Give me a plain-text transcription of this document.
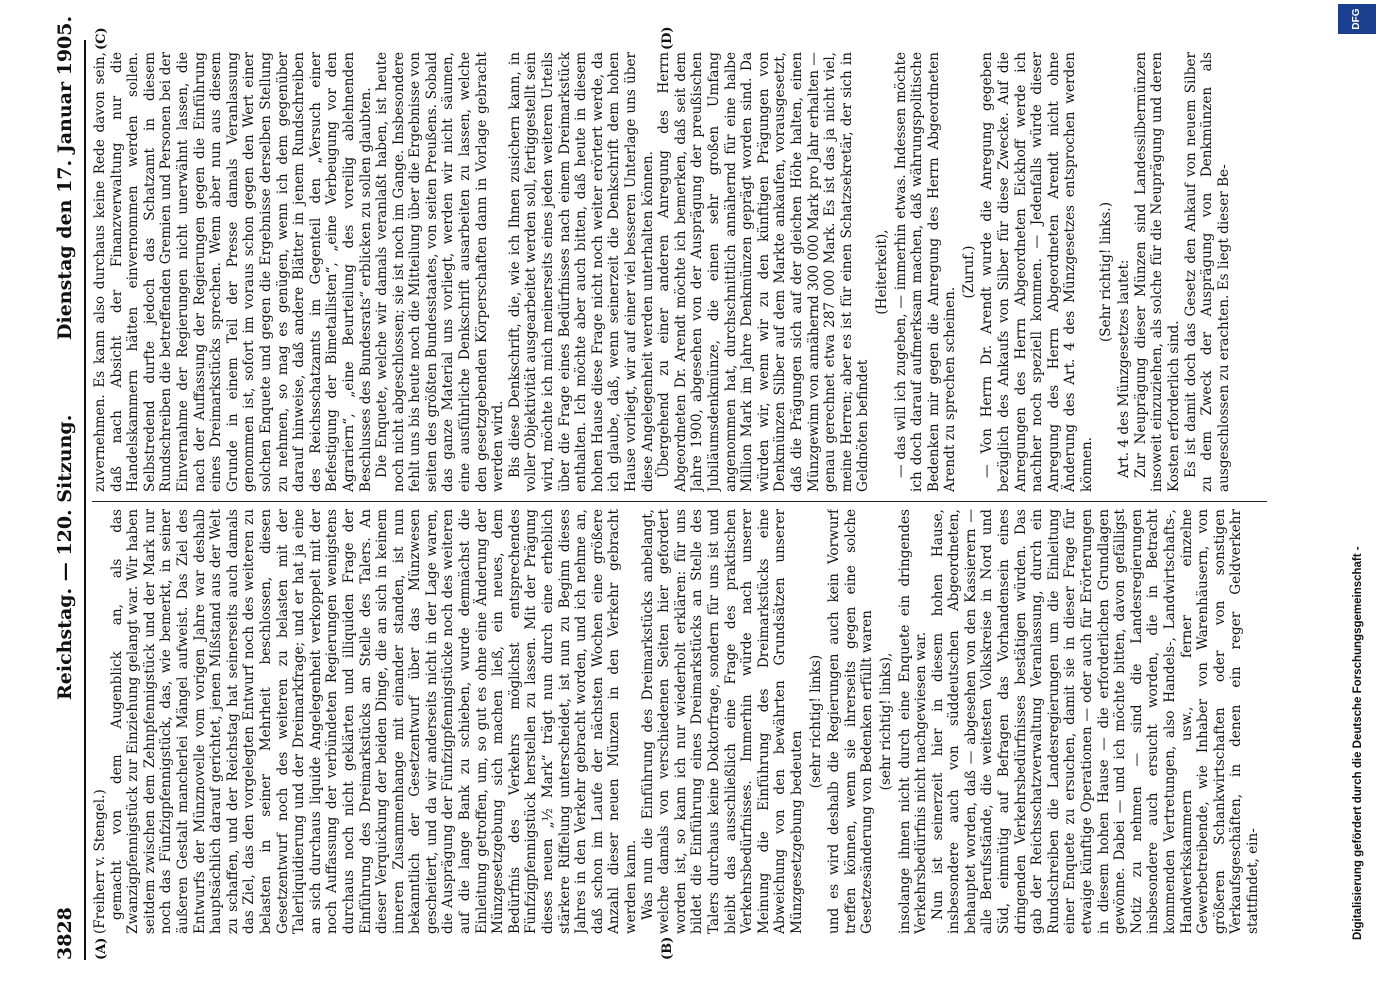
3828
Reichstag. — 120. Sitzung.
Dienstag den 17. Januar 1905.
(A)	(B)
(C)	(D)

(Freiherr v. Stengel.) gemacht von dem Augenblick an, als das Zwanzigpfennigstück zur Einziehung gelangt war. Wir haben seitdem zwischen dem Zehnpfennigstück und der Mark nur noch das Fünfzigpfennigstück, das, wie bemerkt, in seiner äußeren Gestalt mancherlei Mängel aufweist. Das Ziel des Entwurfs der Münznovelle vom vorigen Jahre war deshalb hauptsächlich darauf gerichtet, jenen Mißstand aus der Welt zu schaffen, und der Reichstag hat seinerseits auch damals das Ziel, das den vorgelegten Entwurf noch des weiteren zu belasten in seiner Mehrheit beschlossen, diesen Gesetzentwurf noch des weiteren zu belasten mit der Talerliquidierung und der Dreimarkfrage; und er hat ja eine an sich durchaus liquide Angelegenheit verkoppelt mit der noch Auffassung der verbündeten Regierungen wenigstens durchaus noch nicht geklärten und illiquiden Frage der Einführung des Dreimarkstücks an Stelle des Talers. An dieser Verquickung der beiden Dinge, die an sich in keinem inneren Zusammenhange mit einander standen, ist nun bekanntlich der Gesetzentwurf über das Münzwesen gescheitert, und da wir anderseits nicht in der Lage waren, die Ausprägung der Fünfzigpfennigstücke noch des weiteren auf die lange Bank zu schieben, wurde demnächst die Einleitung getroffen, um, so gut es ohne eine Änderung der Münzgesetzgebung sich machen ließ, ein neues, dem Bedürfnis des Verkehrs möglichst entsprechendes Fünfzigpfennigstück herstellen zu lassen. Mit der Prägung dieses neuen „½ Mark“ trägt nun durch eine erheblich stärkere Riffelung unterscheidet, ist nun zu Beginn dieses Jahres in den Verkehr gebracht worden, und ich nehme an, daß schon im Laufe der nächsten Wochen eine größere Anzahl dieser neuen Münzen in den Verkehr gebracht werden kann. Was nun die Einführung des Dreimarkstücks anbelangt, welche damals von verschiedenen Seiten hier gefordert worden ist, so kann ich nur wiederholt erklären: für uns bildet die Einführung eines Dreimarkstücks an Stelle des Talers durchaus keine Doktorfrage, sondern für uns ist und bleibt das ausschließlich eine Frage des praktischen Verkehrsbedürfnisses. Immerhin würde nach unserer Meinung die Einführung des Dreimarkstücks eine Abweichung von den bewährten Grundsätzen unserer Münzgesetzgebung bedeuten

(sehr richtig! links) und es wird deshalb die Regierungen auch kein Vorwurf treffen können, wenn sie ihrerseits gegen eine solche Gesetzesänderung von Bedenken erfüllt waren (sehr richtig! links), insolange ihnen nicht durch eine Enquete ein dringendes Verkehrsbedürfnis nicht nachgewiesen war. Nun ist seinerzeit hier in diesem hohen Hause, insbesondere auch von süddeutschen Abgeordneten, behauptet worden, daß — abgesehen von den Kassierern — alle Berufsstände, die weitesten Volkskreise in Nord und Süd, einmütig auf Befragen das Vorhandensein eines dringenden Verkehrsbedürfnisses bestätigen würden. Das gab der Reichsschatzverwaltung Veranlassung, durch ein Rundschreiben die Landesregierungen um die Einleitung einer Enquete zu ersuchen, damit sie in dieser Frage für etwaige künftige Operationen — oder auch für Erörterungen in diesem hohen Hause — die erforderlichen Grundlagen gewönne. Dabei — und ich möchte bitten, davon gefälligst Notiz zu nehmen — sind die Landesregierungen insbesondere auch ersucht worden, die in Betracht kommenden Vertretungen, also Handels-, Landwirtschafts-, Handwerkskammern usw., ferner einzelne Gewerbetreibende, wie Inhaber von Warenhäusern, von größeren Schankwirtschaften oder von sonstigen Verkaufsgeschäften, in denen ein reger Geldverkehr stattfindet, ein-

zuvernehmen. Es kann also durchaus keine Rede davon sein, daß nach Absicht der Finanzverwaltung nur die Handelskammern hätten einvernommen werden sollen. Selbstredend durfte jedoch das Schatzamt in diesem Rundschreiben die betreffenden Gremien und Personen bei der Einvernahme der Regierungen nicht unerwähnt lassen, die nach der Auffassung der Regierungen gegen die Einführung eines Dreimarkstücks sprechen. Wenn aber nun aus diesem Grunde in einem Teil der Presse damals Veranlassung genommen ist, sofort im voraus schon gegen den Wert einer solchen Enquete und gegen die Ergebnisse derselben Stellung zu nehmen, so mag es genügen, wenn ich dem gegenüber darauf hinweise, daß andere Blätter in jenem Rundschreiben des Reichsschatzamts im Gegenteil den „Versuch einer Befestigung der Bimetallisten“, „eine Verbeugung vor den Agrariern“, „eine Beurteilung des voreilig ablehnenden Beschlusses des Bundesrats“ erblicken zu sollen glaubten. Die Enquete, welche wir damals veranlaßt haben, ist heute noch nicht abgeschlossen; sie ist noch im Gange. Insbesondere fehlt uns bis heute noch die Mitteilung über die Ergebnisse von seiten des größten Bundesstaates, von seiten Preußens. Sobald das ganze Material uns vorliegt, werden wir nicht säumen, eine ausführliche Denkschrift ausarbeiten zu lassen, welche den gesetzgebenden Körperschaften dann in Vorlage gebracht werden wird. Bis diese Denkschrift, die, wie ich Ihnen zusichern kann, in voller Objektivität ausgearbeitet werden soll, fertiggestellt sein wird, möchte ich mich meinerseits eines jeden weiteren Urteils über die Frage eines Bedürfnisses nach einem Dreimarkstück enthalten. Ich möchte aber auch bitten, daß heute in diesem hohen Hause diese Frage nicht noch weiter erörtert werde, da ich glaube, daß, wenn seinerzeit die Denkschrift dem hohen Hause vorliegt, wir auf einer viel besseren Unterlage uns über diese Angelegenheit werden unterhalten können. Übergehend zu einer anderen Anregung des Herrn Abgeordneten Dr. Arendt möchte ich bemerken, daß seit dem Jahre 1900, abgesehen von der Ausprägung der preußischen Jubiläumsdenkmünze, die einen sehr großen Umfang angenommen hat, durchschnittlich annähernd für eine halbe Million Mark im Jahre Denkmünzen geprägt worden sind. Da würden wir, wenn wir zu den künftigen Prägungen von Denkmünzen Silber auf dem Markte ankaufen, vorausgesetzt, daß die Prägungen sich auf der gleichen Höhe halten, einen Münzgewinn von annähernd 300 000 Mark pro Jahr erhalten — genau gerechnet etwa 287 000 Mark. Es ist das ja nicht viel, meine Herren; aber es ist für einen Schatzsekretär, der sich in Geldnöten befindet

(Heiterkeit), — das will ich zugeben, — immerhin etwas. Indessen möchte ich doch darauf aufmerksam machen, daß währungspolitische Bedenken mir gegen die Anregung des Herrn Abgeordneten Arendt zu sprechen scheinen.

(Zuruf.) — Von Herrn Dr. Arendt wurde die Anregung gegeben bezüglich des Ankaufs von Silber für diese Zwecke. Auf die Anregungen des Herrn Abgeordneten Eickhoff werde ich nachher noch speziell kommen. — Jedenfalls würde dieser Anregung des Herrn Abgeordneten Arendt nicht ohne Änderung des Art. 4 des Münzgesetzes entsprochen werden können.

(Sehr richtig! links.) Art. 4 des Münzgesetzes lautet: Zur Neuprägung dieser Münzen sind Landessilbermünzen insoweit einzuziehen, als solche für die Neuprägung und deren Kosten erforderlich sind. Es ist damit doch das Gesetz den Ankauf von neuem Silber zu dem Zweck der Ausprägung von Denkmünzen als ausgeschlossen zu erachten. Es liegt dieser Be-

Digitalisierung gefördert durch die Deutsche Forschungsgemeinschaft -
DFG
